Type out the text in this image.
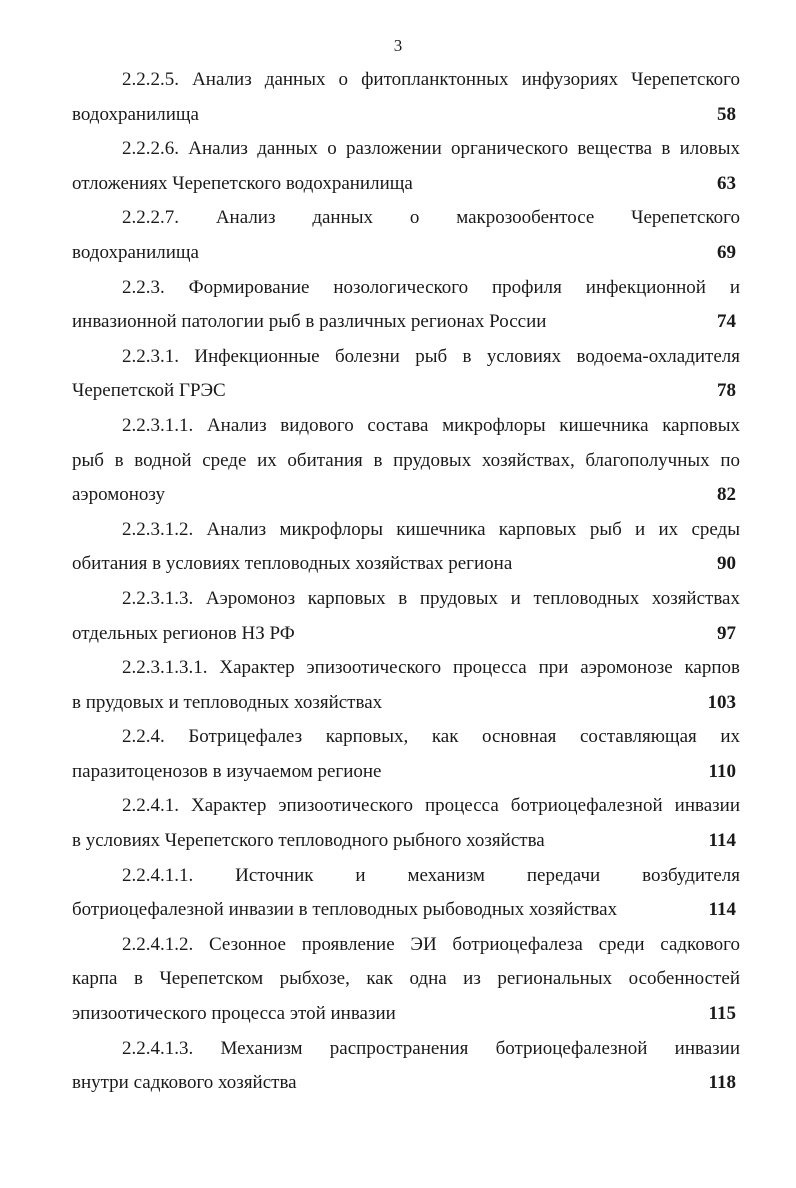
3
2.2.2.5. Анализ данных о фитопланктонных инфузориях Черепетского
водохранилища	58
2.2.2.6. Анализ данных о разложении органического вещества в иловых
отложениях Черепетского водохранилища	63
2.2.2.7. Анализ данных о макрозообентосе Черепетского
водохранилища	69
2.2.3. Формирование нозологического профиля инфекционной и
инвазионной патологии рыб в различных регионах России	74
2.2.3.1. Инфекционные болезни рыб в условиях водоема-охладителя
Черепетской ГРЭС	78
2.2.3.1.1. Анализ видового состава микрофлоры кишечника карповых
рыб в водной среде их обитания в прудовых хозяйствах, благополучных по
аэромонозу	82
2.2.3.1.2. Анализ микрофлоры кишечника карповых рыб и их среды
обитания в условиях тепловодных хозяйствах региона	90
2.2.3.1.3. Аэромоноз карповых в прудовых и тепловодных хозяйствах
отдельных регионов НЗ РФ	97
2.2.3.1.3.1. Характер эпизоотического процесса при аэромонозе карпов
в прудовых и тепловодных хозяйствах	103
2.2.4. Ботрицефалез карповых, как основная составляющая их
паразитоценозов в изучаемом регионе	110
2.2.4.1. Характер эпизоотического процесса ботриоцефалезной инвазии
в условиях Черепетского тепловодного рыбного хозяйства	114
2.2.4.1.1. Источник и механизм передачи возбудителя
ботриоцефалезной инвазии в тепловодных рыбоводных хозяйствах	114
2.2.4.1.2. Сезонное проявление ЭИ ботриоцефалеза среди садкового
карпа в Черепетском рыбхозе, как одна из региональных особенностей
эпизоотического процесса этой инвазии	115
2.2.4.1.3. Механизм распространения ботриоцефалезной инвазии
внутри садкового хозяйства	118
